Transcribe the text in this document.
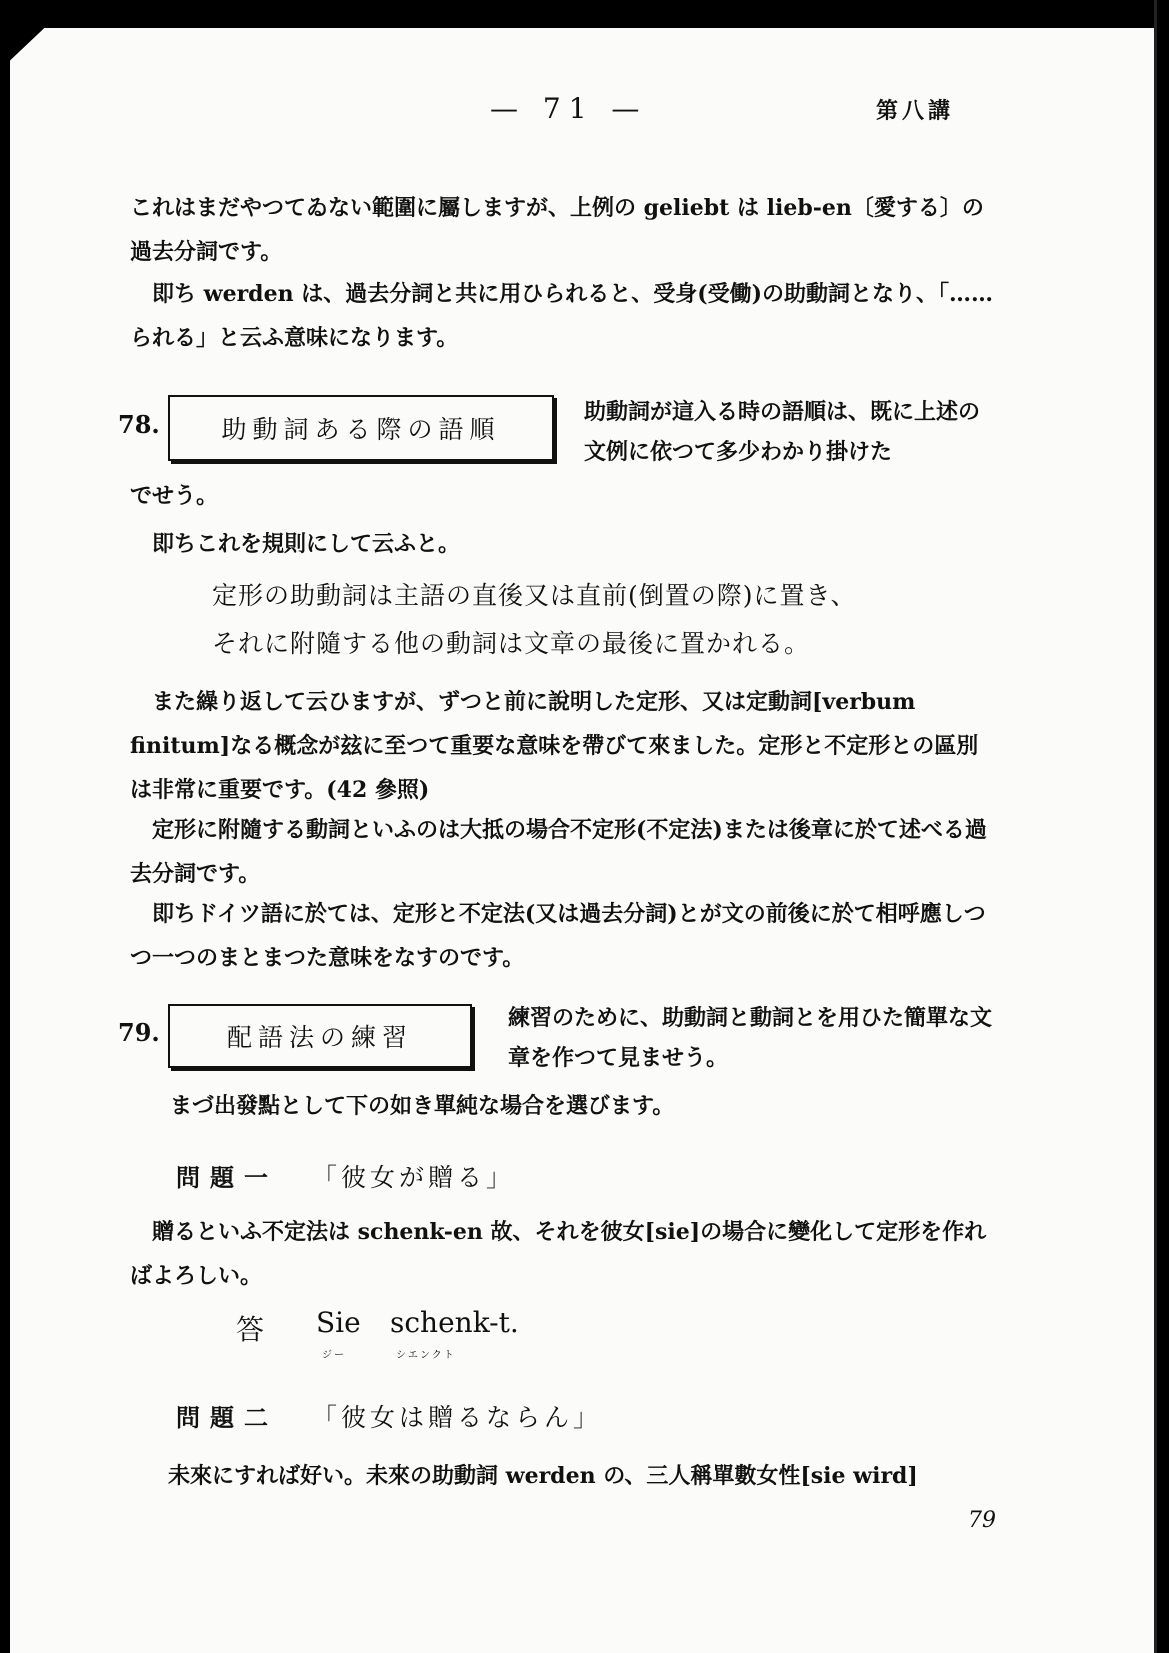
— 71 —	第八講
これはまだやつてゐない範圍に屬しますが、上例の geliebt は lieb-en〔愛する〕の過去分詞です。
即ち werden は、過去分詞と共に用ひられると、受身(受働)の助動詞となり、「……られる」と云ふ意味になります。
78. 助動詞ある際の語順
助動詞が這入る時の語順は、既に上述の文例に依つて多少わかり掛けた
でせう。
即ちこれを規則にして云ふと。
定形の助動詞は主語の直後又は直前(倒置の際)に置き、
それに附隨する他の動詞は文章の最後に置かれる。
また繰り返して云ひますが、ずつと前に說明した定形、又は定動詞[verbum finitum]なる概念が玆に至つて重要な意味を帶びて來ました。定形と不定形との區別は非常に重要です。(42 參照)
定形に附隨する動詞といふのは大抵の場合不定形(不定法)または後章に於て述べる過去分詞です。
即ちドイツ語に於ては、定形と不定法(又は過去分詞)とが文の前後に於て相呼應しつつ一つのまとまつた意味をなすのです。
79.	配語法の練習
練習のために、助動詞と動詞とを用ひた簡單な文章を作つて見ませう。
まづ出發點として下の如き單純な場合を選びます。
問題一 「彼女が贈る」
贈るといふ不定法は schenk-en 故、それを彼女[sie]の場合に變化して定形を作ればよろしい。
答 Sie schenk-t.
ジー	シエンクト
問題二 「彼女は贈るならん」
未來にすれば好い。未來の助動詞 werden の、三人稱單數女性[sie wird]
79
